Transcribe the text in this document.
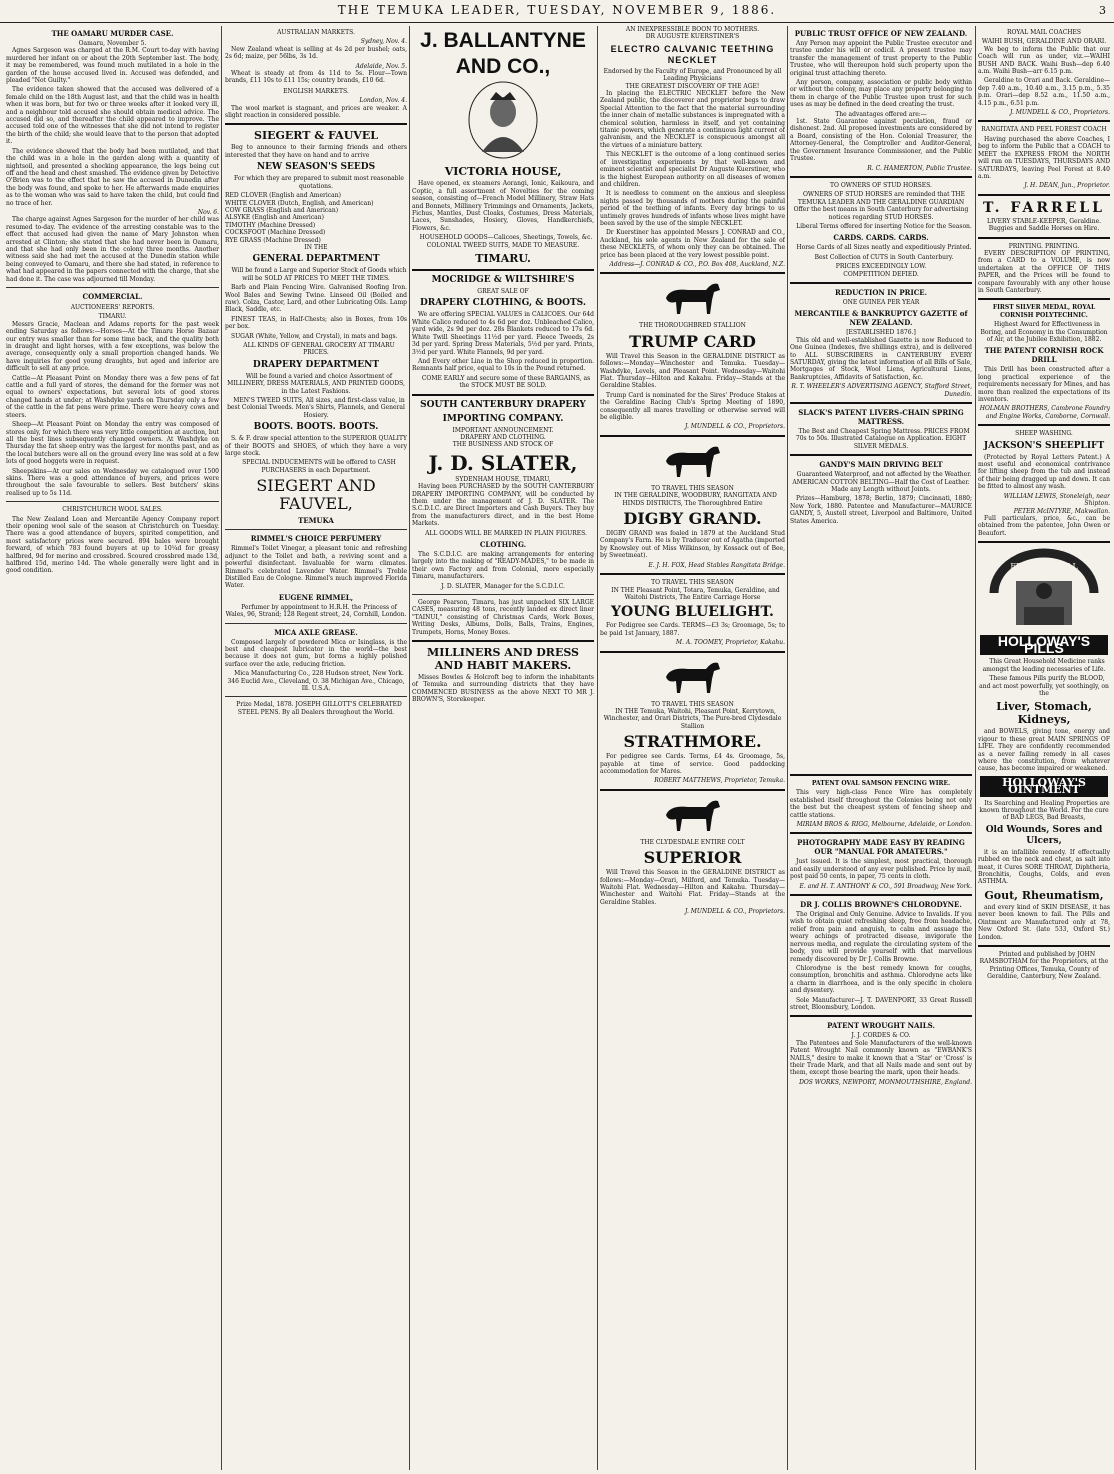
THE TEMUKA LEADER, TUESDAY, NOVEMBER 9, 1886.	3
THE OAMARU MURDER CASE.
Oamaru, November 5.

Agnes Sargeson was charged at the R.M. Court to-day with having murdered her infant on or about the 20th September last. The body, it may be remembered, was found much mutilated in a hole in the garden of the house accused lived in. Accused was defended, and pleaded "Not Guilty."

The evidence taken showed that the accused was delivered of a female child on the 18th August last, and that the child was in health when it was born, but for two or three weeks after it looked very ill, and a neighbour told accused she should obtain medical advice. The accused did so, and thereafter the child appeared to improve. The accused told one of the witnesses that she did not intend to register the birth of the child; she would leave that to the person that adopted it.

The evidence showed that the body had been mutilated, and that the child was in a hole in the garden along with a quantity of nightsoil, and presented a shocking appearance, the legs being cut off and the head and chest smashed. The evidence given by Detective O'Brien was to the effect that he saw the accused in Dunedin after the body was found, and spoke to her. He afterwards made enquiries as to the woman who was said to have taken the child, but could find no trace of her.

Nov. 6.

The charge against Agnes Sargeson for the murder of her child was resumed to-day. The evidence of the arresting constable was to the effect that accused had given the name of Mary Johnston when arrested at Clinton; she stated that she had never been in Oamaru, and that she had only been in the colony three months. Another witness said she had met the accused at the Dunedin station while being conveyed to Oamaru, and there she had stated, in reference to what had appeared in the papers connected with the charge, that she had done it. The case was adjourned till Monday.

COMMERCIAL.
AUCTIONEERS' REPORTS.
TIMARU.

Messrs Gracie, Maclean and Adams reports for the past week ending Saturday as follows:—Horses—At the Timaru Horse Bazaar our entry was smaller than for some time back, and the quality both in draught and light horses, with a few exceptions, was below the average, consequently only a small proportion changed hands. We have inquiries for good young draughts, but aged and inferior are difficult to sell at any price.

Cattle—At Pleasant Point on Monday there was a few pens of fat cattle and a full yard of stores, the demand for the former was not equal to owners' expectations, but several lots of good stores changed hands at under; at Washdyke yards on Thursday only a few of the cattle in the fat pens were prime. There were heavy cows and steers.

Sheep—At Pleasant Point on Monday the entry was composed of stores only, for which there was very little competition at auction, but all the best lines subsequently changed owners. At Washdyke on Thursday the fat sheep entry was the largest for months past, and as the local butchers were all on the ground every line was sold at a few lots of good hoggets were in request.

Sheepskins—At our sales on Wednesday we catalogued over 1500 skins. There was a good attendance of buyers, and prices were throughout the sale favourable to sellers. Best butchers' skins realised up to 5s 11d.

CHRISTCHURCH WOOL SALES.

The New Zealand Loan and Mercantile Agency Company report their opening wool sale of the season at Christchurch on Tuesday. There was a good attendance of buyers, spirited competition, and most satisfactory prices were secured. 894 bales were brought forward, of which 783 found buyers at up to 10¼d for greasy halfbred, 9d for merino and crossbred. Scoured crossbred made 13d, halfbred 15d, merino 14d. The whole generally were light and in good condition.

AUSTRALIAN MARKETS.
Sydney, Nov. 4.

New Zealand wheat is selling at 4s 2d per bushel; oats, 2s 6d; maize, per 56lbs, 3s 1d.

Adelaide, Nov. 5.

Wheat is steady at from 4s 11d to 5s. Flour—Town brands, £11 10s to £11 15s; country brands, £10 6d.

ENGLISH MARKETS.
London, Nov. 4.

The wool market is stagnant, and prices are weaker. A slight reaction in considered possible.

SIEGERT & FAUVEL

Beg to announce to their farming friends and others interested that they have on hand and to arrive

NEW SEASON'S SEEDS

For which they are prepared to submit most reasonable quotations.

RED CLOVER (English and American)
WHITE CLOVER (Dutch, English, and American)
COW GRASS (English and American)
ALSYKE (English and American)
TIMOTHY (Machine Dressed)
COCKSFOOT (Machine Dressed)
RYE GRASS (Machine Dressed)
IN THE
GENERAL DEPARTMENT

Will be found a Large and Superior Stock of Goods which will be SOLD AT PRICES TO MEET THE TIMES.

Barb and Plain Fencing Wire. Galvanised Roofing Iron. Wool Bales and Sewing Twine. Linseed Oil (Boiled and raw). Colza, Castor, Lard, and other Lubricating Oils. Lamp Black, Saddle, etc.

FINEST TEAS, in Half-Chests; also in Boxes, from 10s per box.

SUGAR (White, Yellow, and Crystal), in mats and bags.

ALL KINDS OF GENERAL GROCERY AT TIMARU PRICES.

DRAPERY DEPARTMENT

Will be found a varied and choice Assortment of MILLINERY, DRESS MATERIALS, AND PRINTED GOODS, in the Latest Fashions.

MEN'S TWEED SUITS, All sizes, and first-class value, in best Colonial Tweeds. Men's Shirts, Flannels, and General Hosiery.

BOOTS. BOOTS. BOOTS.

S. & F. draw special attention to the SUPERIOR QUALITY of their BOOTS and SHOES, of which they have a very large stock.

SPECIAL INDUCEMENTS will be offered to CASH PURCHASERS in each Department.

SIEGERT AND FAUVEL,
TEMUKA
RIMMEL'S CHOICE PERFUMERY

Rimmel's Toilet Vinegar, a pleasant tonic and refreshing adjunct to the Toilet and bath, a reviving scent and a powerful disinfectant. Invaluable for warm climates. Rimmel's celebrated Lavender Water. Rimmel's Treble Distilled Eau de Cologne. Rimmel's much improved Florida Water.

EUGENE RIMMEL,

Perfumer by appointment to H.R.H. the Princess of Wales, 96, Strand; 128 Regent street, 24, Cornhill, London.

MICA AXLE GREASE.

Composed largely of powdered Mica or Isinglass, is the best and cheapest lubricator in the world—the best because it does not gum, but forms a highly polished surface over the axle, reducing friction.

Mica Manufacturing Co., 228 Hudson street, New York. 346 Euclid Ave., Cleveland, O. 38 Michigan Ave., Chicago, Ill. U.S.A.

Prize Medal, 1878. JOSEPH GILLOTT'S CELEBRATED STEEL PENS. By all Dealers throughout the World.

J. BALLANTYNE
AND CO.,
VICTORIA HOUSE,

Have opened, ex steamers Aorangi, Ionic, Kaikoura, and Coptic, a full assortment of Novelties for the coming season, consisting of—French Model Millinery, Straw Hats and Bonnets, Millinery Trimmings and Ornaments, Jackets, Fichus, Mantles, Dust Cloaks, Costumes, Dress Materials, Laces, Sunshades, Hosiery, Gloves, Handkerchiefs, Flowers, &c.

HOUSEHOLD GOODS—Calicoes, Sheetings, Towels, &c. COLONIAL TWEED SUITS, MADE TO MEASURE.

TIMARU.
MOCRIDGE & WILTSHIRE'S
GREAT SALE OF
DRAPERY CLOTHING, & BOOTS.

We are offering SPECIAL VALUES in CALICOES. Our 64d White Calico reduced to 4s 6d per doz. Unbleached Calico, yard wide, 2s 9d per doz. 28s Blankets reduced to 17s 6d. White Twill Sheetings 11½d per yard. Fleece Tweeds, 2s 3d per yard. Spring Dress Materials, 5½d per yard. Prints, 3½d per yard. White Flannels, 9d per yard.

And Every other Line in the Shop reduced in proportion. Remnants half price, equal to 10s in the Pound returned.

COME EARLY and secure some of these BARGAINS, as the STOCK MUST BE SOLD.

SOUTH CANTERBURY DRAPERY
IMPORTING COMPANY.
IMPORTANT ANNOUNCEMENT.
DRAPERY AND CLOTHING.
THE BUSINESS AND STOCK OF
J. D. SLATER,
SYDENHAM HOUSE, TIMARU,

Having been PURCHASED by the SOUTH CANTERBURY DRAPERY IMPORTING COMPANY, will be conducted by them under the management of J. D. SLATER. The S.C.D.I.C. are Direct Importers and Cash Buyers. They buy from the manufacturers direct, and in the best Home Markets.

ALL GOODS WILL BE MARKED IN PLAIN FIGURES.

CLOTHING.

The S.C.D.I.C. are making arrangements for entering largely into the making of "READY-MADES," to be made in their own Factory and from Colonial, more especially Timaru, manufacturers.

J. D. SLATER, Manager for the S.C.D.I.C.

George Pearson, Timaru, has just unpacked SIX LARGE CASES, measuring 48 tons, recently landed ex direct liner "TAINUI," consisting of Christmas Cards, Work Boxes, Writing Desks, Albums, Dolls, Balls, Trains, Engines, Trumpets, Horns, Money Boxes.

MILLINERS AND DRESS AND HABIT MAKERS.

Misses Bowles & Holcroft beg to inform the inhabitants of Temuka and surrounding districts that they have COMMENCED BUSINESS as the above NEXT TO MR J. BROWN'S, Storekeeper.

AN INEXPRESSIBLE BOON TO MOTHERS.
DR AUGUSTE KUERSTINER'S
ELECTRO CALVANIC TEETHING NECKLET
Endorsed by the Faculty of Europe, and Pronounced by all Leading Physicians
THE GREATEST DISCOVERY OF THE AGE!

In placing the ELECTRIC NECKLET before the New Zealand public, the discoverer and proprietor begs to draw Special Attention to the fact that the material surrounding the inner chain of metallic substances is impregnated with a chemical solution, harmless in itself, and yet containing titanic powers, which generate a continuous light current of galvanism, and the NECKLET is conspicuous amongst all the virtues of a miniature battery.

This NECKLET is the outcome of a long continued series of investigating experiments by that well-known and eminent scientist and specialist Dr Auguste Kuerstiner, who is the highest European authority on all diseases of women and children.

It is needless to comment on the anxious and sleepless nights passed by thousands of mothers during the painful period of the teething of infants. Every day brings to us untimely graves hundreds of infants whose lives might have been saved by the use of the simple NECKLET.

Dr Kuerstiner has appointed Messrs J. CONRAD and CO., Auckland, his sole agents in New Zealand for the sale of these NECKLETS, of whom only they can be obtained. The price has been placed at the very lowest possible point.

Address—J. CONRAD & CO., P.O. Box 408, Auckland, N.Z.
THE THOROUGHBRED STALLION
TRUMP CARD

Will Travel this Season in the GERALDINE DISTRICT as follows:—Monday—Winchester and Temuka. Tuesday—Washdyke, Levels, and Pleasant Point. Wednesday—Waitohi Flat. Thursday—Hilton and Kakahu. Friday—Stands at the Geraldine Stables.

Trump Card is nominated for the Sires' Produce Stakes at the Geraldine Racing Club's Spring Meeting of 1890, consequently all mares travelling or otherwise served will be eligible.

J. MUNDELL & CO., Proprietors.
TO TRAVEL THIS SEASON

IN THE GERALDINE, WOODBURY, RANGITATA AND HINDS DISTRICTS, The Thoroughbred Entire

DIGBY GRAND.

DIGBY GRAND was foaled in 1879 at the Auckland Stud Company's Farm. He is by Traducer out of Agatha (imported by Knowsley out of Miss Wilkinson, by Kossack out of Bee, by Sweetmeat).

E. J. H. FOX, Head Stables Rangitata Bridge.
TO TRAVEL THIS SEASON

IN THE Pleasant Point, Totara, Temuka, Geraldine, and Waitohi Districts, The Entire Carriage Horse

YOUNG BLUELIGHT.

For Pedigree see Cards. TERMS—£3 3s; Groomage, 5s; to be paid 1st January, 1887.

M. A. TOOMEY, Proprietor, Kakahu.
TO TRAVEL THIS SEASON

IN THE Temuka, Waitohi, Pleasant Point, Kerrytown, Winchester, and Orari Districts, The Pure-bred Clydesdale Stallion

STRATHMORE.

For pedigree see Cards. Terms, £4 4s. Groomage, 5s, payable at time of service. Good paddocking accommodation for Mares.

ROBERT MATTHEWS, Proprietor, Temuka.
THE CLYDESDALE ENTIRE COLT
SUPERIOR

Will Travel this Season in the GERALDINE DISTRICT as follows:—Monday—Orari, Milford, and Temuka. Tuesday—Waitohi Flat. Wednesday—Hilton and Kakahu. Thursday—Winchester and Waitohi Flat. Friday—Stands at the Geraldine Stables.

J. MUNDELL & CO., Proprietors.
PUBLIC TRUST OFFICE OF NEW ZEALAND.

Any Person may appoint the Public Trustee executor and trustee under his will or codicil. A present trustee may transfer the management of trust property to the Public Trustee, who will thereupon hold such property upon the original trust attaching thereto.

Any person, company, association or public body within or without the colony, may place any property belonging to them in charge of the Public Trustee upon trust for such uses as may be defined in the deed creating the trust.

The advantages offered are:—

1st. State Guarantee against peculation, fraud or dishonest. 2nd. All proposed investments are considered by a Board, consisting of the Hon. Colonial Treasurer, the Attorney-General, the Comptroller and Auditor-General, the Government Insurance Commissioner, and the Public Trustee.

R. C. HAMERTON, Public Trustee.
TO OWNERS OF STUD HORSES.

OWNERS OF STUD HORSES are reminded that THE TEMUKA LEADER AND THE GERALDINE GUARDIAN Offer the best means in South Canterbury for advertising notices regarding STUD HORSES.

Liberal Terms offered for inserting Notice for the Season.

CARDS. CARDS. CARDS.

Horse Cards of all Sizes neatly and expeditiously Printed.

Best Collection of CUTS in South Canterbury.

PRICES EXCEEDINGLY LOW.
COMPETITION DEFIED.
REDUCTION IN PRICE.
ONE GUINEA PER YEAR
MERCANTILE & BANKRUPTCY GAZETTE of NEW ZEALAND.
[ESTABLISHED 1876.]

This old and well-established Gazette is now Reduced to One Guinea (Indexes, five shillings extra), and is delivered to ALL SUBSCRIBERS in CANTERBURY EVERY SATURDAY, giving the latest information of all Bills of Sale, Mortgages of Stock, Wool Liens, Agricultural Liens, Bankruptcies, Affidavits of Satisfaction, &c.

R. T. WHEELER'S ADVERTISING AGENCY, Stafford Street, Dunedin.
SLACK'S PATENT LIVERS-CHAIN SPRING MATTRESS.

The Best and Cheapest Spring Mattress. PRICES FROM 70s to 50s. Illustrated Catalogue on Application. EIGHT SILVER MEDALS.

GANDY'S MAIN DRIVING BELT

Guaranteed Waterproof, and not affected by the Weather. AMERICAN COTTON BELTING—Half the Cost of Leather. Made any Length without Joints.

Prizes—Hamburg, 1878; Berlin, 1879; Cincinnati, 1880; New York, 1880. Patentee and Manufacturer—MAURICE GANDY, 5, Austell street, Liverpool and Baltimore, United States America.

PATENT OVAL SAMSON FENCING WIRE.

This very high-class Fence Wire has completely established itself throughout the Colonies being not only the best but the cheapest system of fencing sheep and cattle stations.

MIRIAM BROS & RIGG, Melbourne, Adelaide, or London.
PHOTOGRAPHY MADE EASY BY READING OUR "MANUAL FOR AMATEURS."

Just issued. It is the simplest, most practical, thorough and easily understood of any ever published. Price by mail, post paid 50 cents, in paper, 75 cents in cloth.

E. and H. T. ANTHONY & CO., 591 Broadway, New York.
DR J. COLLIS BROWNE'S CHLORODYNE.

The Original and Only Genuine. Advice to Invalids. If you wish to obtain quiet refreshing sleep, free from headache, relief from pain and anguish, to calm and assuage the weary achings of protracted disease, invigorate the nervous media, and regulate the circulating system of the body, you will provide yourself with that marvellous remedy discovered by Dr J. Collis Browne.

Chlorodyne is the best remedy known for coughs, consumption, bronchitis and asthma. Chlorodyne acts like a charm in diarrhoea, and is the only specific in cholera and dysentery.

Sole Manufacturer—J. T. DAVENPORT, 33 Great Russell street, Bloomsbury, London.

PATENT WROUGHT NAILS.
J. J. CORDES & CO.

The Patentees and Sole Manufacturers of the well-known Patent Wrought Nail commonly known as "EWBANK'S NAILS," desire to make it known that a 'Star' or 'Cross' is their Trade Mark, and that all Nails made and sent out by them, except those bearing the mark, upon their heads.

DOS WORKS, NEWPORT, MONMOUTHSHIRE, England.
ROYAL MAIL COACHES
WAIHI BUSH, GERALDINE AND ORARI.

We beg to inform the Public that our Coach will run as under, viz.—WAIHI BUSH AND BACK. Waihi Bush—dep 6.40 a.m. Waihi Bush—arr 6.15 p.m.

Geraldine to Orari and Back. Geraldine—dep 7.40 a.m., 10.40 a.m., 3.15 p.m., 5.35 p.m. Orari—dep 8.52 a.m., 11.50 a.m., 4.15 p.m., 6.51 p.m.

J. MUNDELL & CO., Proprietors.
RANGITATA AND PEEL FOREST COACH

Having purchased the above Coaches, I beg to inform the Public that a COACH to MEET the EXPRESS FROM the NORTH will run on TUESDAYS, THURSDAYS AND SATURDAYS, leaving Peel Forest at 8.40 a.m.

J. H. DEAN, Jun., Proprietor.
T. FARRELL
LIVERY STABLE-KEEPER, Geraldine.
Buggies and Saddle Horses on Hire.
PRINTING. PRINTING.

EVERY DESCRIPTION OF PRINTING, from a CARD to a VOLUME, is now undertaken at the OFFICE OF THIS PAPER, and the Prices will be found to compare favourably with any other house in South Canterbury.

FIRST SILVER MEDAL, ROYAL CORNISH POLYTECHNIC.

Highest Award for Effectiveness in Boring, and Economy in the Consumption of Air, at the Jubilee Exhibition, 1882.

THE PATENT CORNISH ROCK DRILL

This Drill has been constructed after a long practical experience of the requirements necessary for Mines, and has more than realized the expectations of its inventors.

HOLMAN BROTHERS, Cambrone Foundry and Engine Works, Camborne, Cornwall.
SHEEP WASHING.
JACKSON'S SHEEPLIFT

(Protected by Royal Letters Patent.) A most useful and economical contrivance for lifting sheep from the tub and instead of their being dragged up and down. It can be fitted to almost any wash.

WILLIAM LEWIS, Stoneleigh, near Shipton.
PETER McINTYRE, Makwallan.

Full particulars, price, &c., can be obtained from the patentee, John Owen or Beaufort.

FRIEND OF ALL
HOLLOWAY'S PILLS

This Great Household Medicine ranks amongst the leading necessaries of Life.

These famous Pills purify the BLOOD, and act most powerfully, yet soothingly, on the

Liver, Stomach, Kidneys,

and BOWELS, giving tone, energy and vigour to these great MAIN SPRINGS OF LIFE. They are confidently recommended as a never failing remedy in all cases where the constitution, from whatever cause, has become impaired or weakened.

HOLLOWAY'S OINTMENT

Its Searching and Healing Properties are known throughout the World. For the cure of BAD LEGS, Bad Breasts,

Old Wounds, Sores and Ulcers,

it is an infallible remedy. If effectually rubbed on the neck and chest, as salt into meat, it Cures SORE THROAT, Diphtheria, Bronchitis, Coughs, Colds, and even ASTHMA.

Gout, Rheumatism,

and every kind of SKIN DISEASE, it has never been known to fail. The Pills and Ointment are Manufactured only at 78, New Oxford St. (late 533, Oxford St.) London.

Printed and published by JOHN RAMSBOTHAM for the Proprietors, at the Printing Offices, Temuka, County of Geraldine, Canterbury, New Zealand.
